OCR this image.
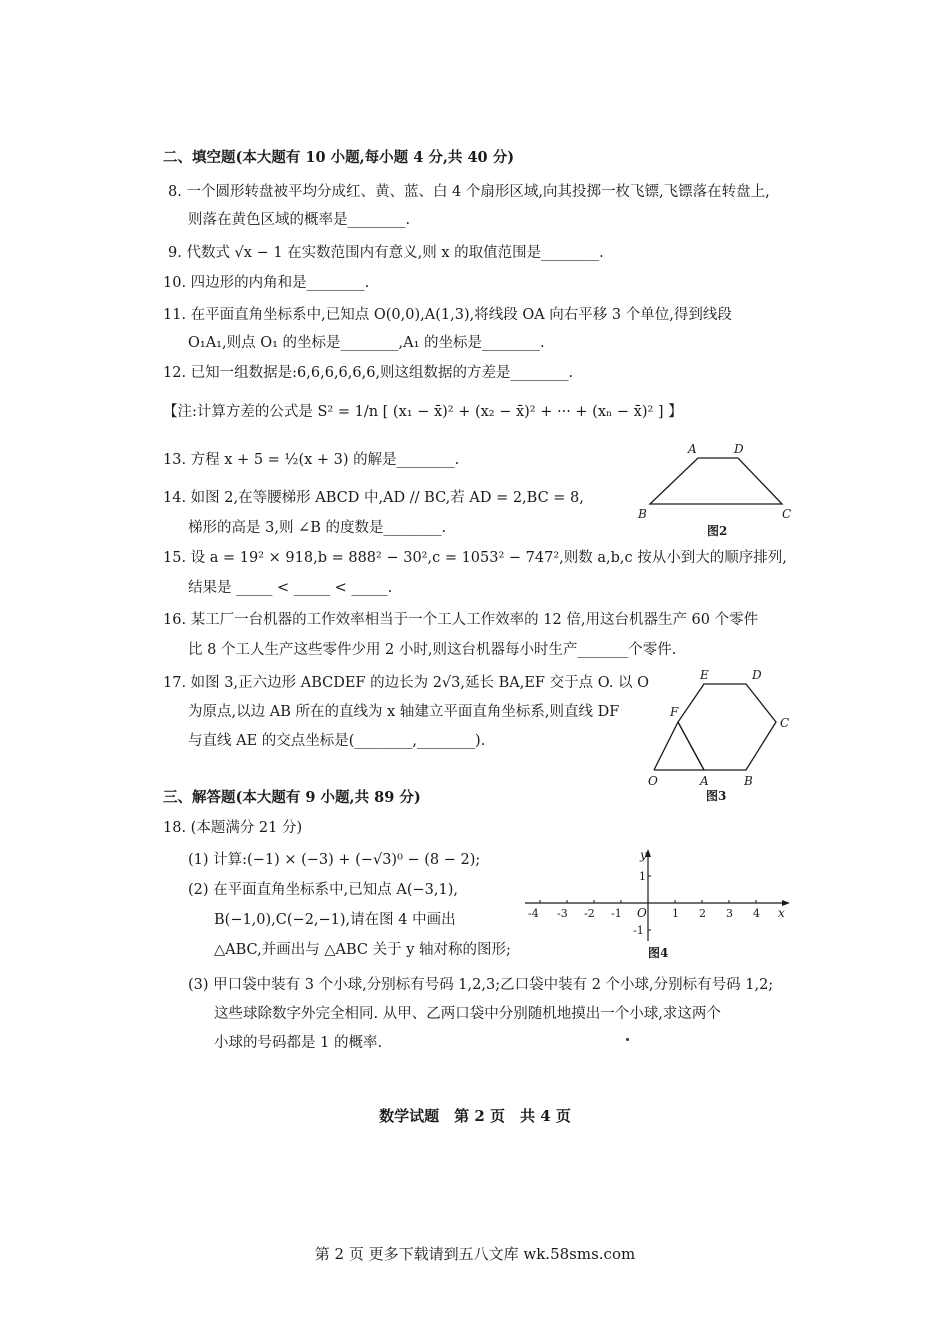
二、填空题(本大题有 10 小题,每小题 4 分,共 40 分)
8. 一个圆形转盘被平均分成红、黄、蓝、白 4 个扇形区域,向其投掷一枚飞镖,飞镖落在转盘上,
则落在黄色区域的概率是________.
9. 代数式 √x − 1 在实数范围内有意义,则 x 的取值范围是________.
10. 四边形的内角和是________.
11. 在平面直角坐标系中,已知点 O(0,0),A(1,3),将线段 OA 向右平移 3 个单位,得到线段
O₁A₁,则点 O₁ 的坐标是________,A₁ 的坐标是________.
12. 已知一组数据是:6,6,6,6,6,6,则这组数据的方差是________.
【注:计算方差的公式是 S² = 1/n [ (x₁ − x̄)² + (x₂ − x̄)² + ··· + (xₙ − x̄)² ] 】
13. 方程 x + 5 = ½(x + 3) 的解是________.
14. 如图 2,在等腰梯形 ABCD 中,AD // BC,若 AD = 2,BC = 8,
梯形的高是 3,则 ∠B 的度数是________.
A	D
B	C
图2
15. 设 a = 19² × 918,b = 888² − 30²,c = 1053² − 747²,则数 a,b,c 按从小到大的顺序排列,
结果是 _____ < _____ < _____.
16. 某工厂一台机器的工作效率相当于一个工人工作效率的 12 倍,用这台机器生产 60 个零件
比 8 个工人生产这些零件少用 2 小时,则这台机器每小时生产_______个零件.
17. 如图 3,正六边形 ABCDEF 的边长为 2√3,延长 BA,EF 交于点 O. 以 O
为原点,以边 AB 所在的直线为 x 轴建立平面直角坐标系,则直线 DF
与直线 AE 的交点坐标是(________,________).
E	D
F
C
O	A	B
图3
三、解答题(本大题有 9 小题,共 89 分)
18. (本题满分 21 分)
(1) 计算:(−1) × (−3) + (−√3)⁰ − (8 − 2);
(2) 在平面直角坐标系中,已知点 A(−3,1),
B(−1,0),C(−2,−1),请在图 4 中画出
△ABC,并画出与 △ABC 关于 y 轴对称的图形;
-4 -3 -2 -1	1 2 3 4
1
-1
O	x
y
图4
(3) 甲口袋中装有 3 个小球,分别标有号码 1,2,3;乙口袋中装有 2 个小球,分别标有号码 1,2;
这些球除数字外完全相同. 从甲、乙两口袋中分别随机地摸出一个小球,求这两个
小球的号码都是 1 的概率.
数学试题　第 2 页　共 4 页
第 2 页 更多下载请到五八文库 wk.58sms.com
